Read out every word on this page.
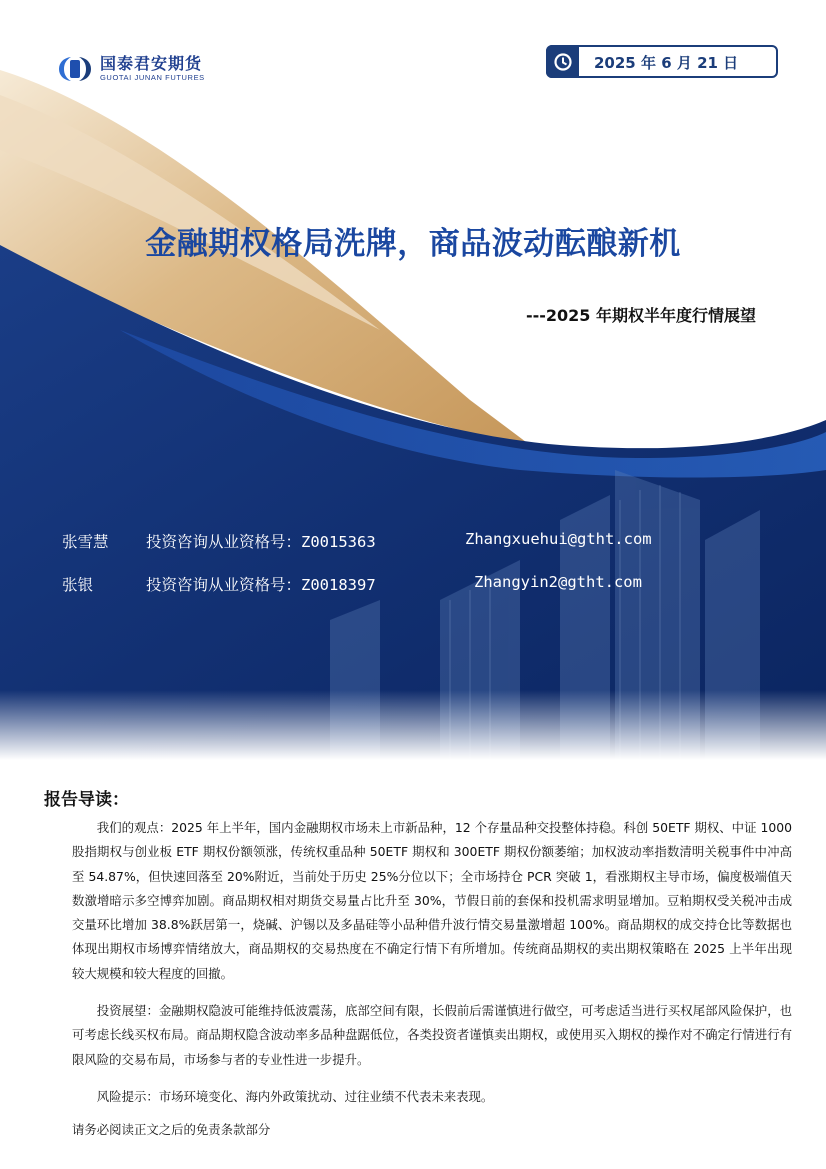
国泰君安期货
GUOTAI JUNAN FUTURES
2025 年 6 月 21 日
金融期权格局洗牌，商品波动酝酿新机
---2025 年期权半年度行情展望
张雪慧 投资咨询从业资格号：Z0015363	Zhangxuehui@gtht.com
张银	投资咨询从业资格号：Z0018397	Zhangyin2@gtht.com
报告导读：

我们的观点：2025 年上半年，国内金融期权市场未上市新品种，12 个存量品种交投整体持稳。科创 50ETF 期权、中证 1000 股指期权与创业板 ETF 期权份额领涨，传统权重品种 50ETF 期权和 300ETF 期权份额萎缩；加权波动率指数清明关税事件中冲高至 54.87%，但快速回落至 20%附近，当前处于历史 25%分位以下；全市场持仓 PCR 突破 1，看涨期权主导市场，偏度极端值天数激增暗示多空博弈加剧。商品期权相对期货交易量占比升至 30%，节假日前的套保和投机需求明显增加。豆粕期权受关税冲击成交量环比增加 38.8%跃居第一，烧碱、沪锡以及多晶硅等小品种借升波行情交易量激增超 100%。商品期权的成交持仓比等数据也体现出期权市场博弈情绪放大，商品期权的交易热度在不确定行情下有所增加。传统商品期权的卖出期权策略在 2025 上半年出现较大规模和较大程度的回撤。

投资展望：金融期权隐波可能维持低波震荡，底部空间有限，长假前后需谨慎进行做空，可考虑适当进行买权尾部风险保护，也可考虑长线买权布局。商品期权隐含波动率多品种盘踞低位，各类投资者谨慎卖出期权，或使用买入期权的操作对不确定行情进行有限风险的交易布局，市场参与者的专业性进一步提升。

风险提示：市场环境变化、海内外政策扰动、过往业绩不代表未来表现。

请务必阅读正文之后的免责条款部分
